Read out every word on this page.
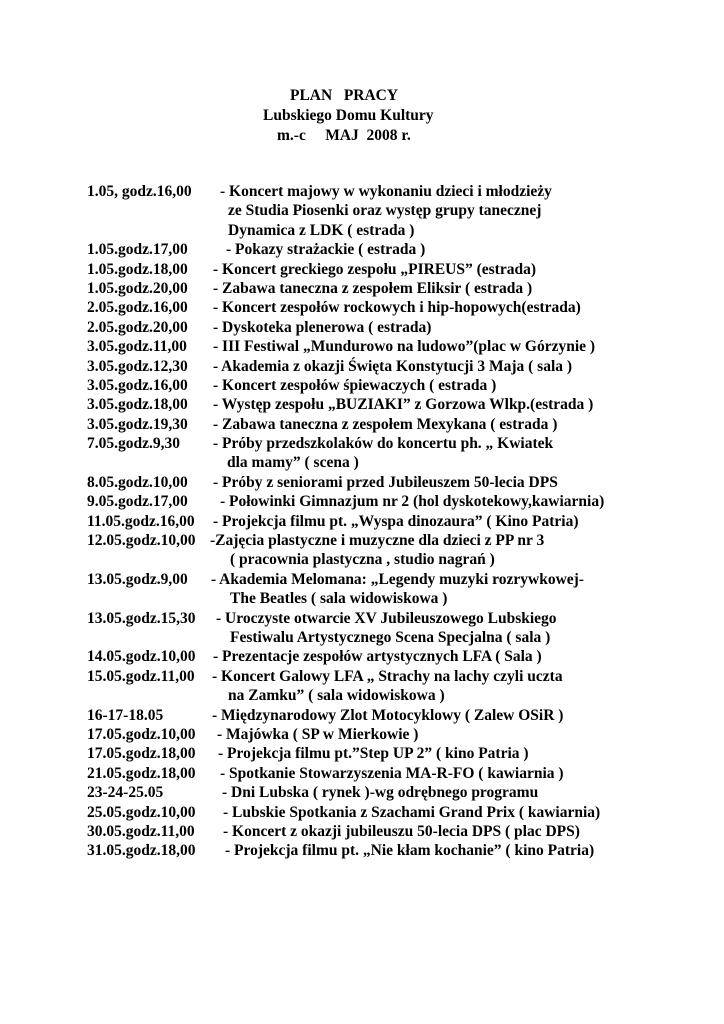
PLAN   PRACY
Lubskiego Domu Kultury
m.-c     MAJ  2008 r.
1.05, godz.16,00 - Koncert majowy w wykonaniu dzieci i młodzieży
ze Studia Piosenki oraz występ grupy tanecznej
Dynamica z LDK ( estrada )
1.05.godz.17,00 - Pokazy strażackie ( estrada )
1.05.godz.18,00 - Koncert greckiego zespołu „PIREUS” (estrada)
1.05.godz.20,00 - Zabawa taneczna z zespołem Eliksir ( estrada )
2.05.godz.16,00 - Koncert zespołów rockowych i hip-hopowych(estrada)
2.05.godz.20,00 - Dyskoteka plenerowa ( estrada)
3.05.godz.11,00 - III Festiwal „Mundurowo na ludowo”(plac w Górzynie )
3.05.godz.12,30 - Akademia z okazji Święta Konstytucji 3 Maja ( sala )
3.05.godz.16,00 - Koncert zespołów śpiewaczych ( estrada )
3.05.godz.18,00 - Występ zespołu „BUZIAKI” z Gorzowa Wlkp.(estrada )
3.05.godz.19,30 - Zabawa taneczna z zespołem Mexykana ( estrada )
7.05.godz.9,30 - Próby przedszkolaków do koncertu ph. „ Kwiatek
dla mamy” ( scena )
8.05.godz.10,00 - Próby z seniorami przed Jubileuszem 50-lecia DPS
9.05.godz.17,00 - Połowinki Gimnazjum nr 2 (hol dyskotekowy,kawiarnia)
11.05.godz.16,00 - Projekcja filmu pt. „Wyspa dinozaura” ( Kino Patria)
12.05.godz.10,00 -Zajęcia plastyczne i muzyczne dla dzieci z PP nr 3
( pracownia plastyczna , studio nagrań )
13.05.godz.9,00 - Akademia Melomana: „Legendy muzyki rozrywkowej-
The Beatles ( sala widowiskowa )
13.05.godz.15,30 - Uroczyste otwarcie XV Jubileuszowego Lubskiego
Festiwalu Artystycznego Scena Specjalna ( sala )
14.05.godz.10,00 - Prezentacje zespołów artystycznych LFA ( Sala )
15.05.godz.11,00 - Koncert Galowy LFA „ Strachy na lachy czyli uczta
na Zamku” ( sala widowiskowa )
16-17-18.05	- Międzynarodowy Zlot Motocyklowy ( Zalew OSiR )
17.05.godz.10,00 - Majówka ( SP w Mierkowie )
17.05.godz.18,00 - Projekcja filmu pt.”Step UP 2” ( kino Patria )
21.05.godz.18,00 - Spotkanie Stowarzyszenia MA-R-FO ( kawiarnia )
23-24-25.05	- Dni Lubska ( rynek )-wg odrębnego programu
25.05.godz.10,00 - Lubskie Spotkania z Szachami Grand Prix ( kawiarnia)
30.05.godz.11,00 - Koncert z okazji jubileuszu 50-lecia DPS ( plac DPS)
31.05.godz.18,00 - Projekcja filmu pt. „Nie kłam kochanie” ( kino Patria)
